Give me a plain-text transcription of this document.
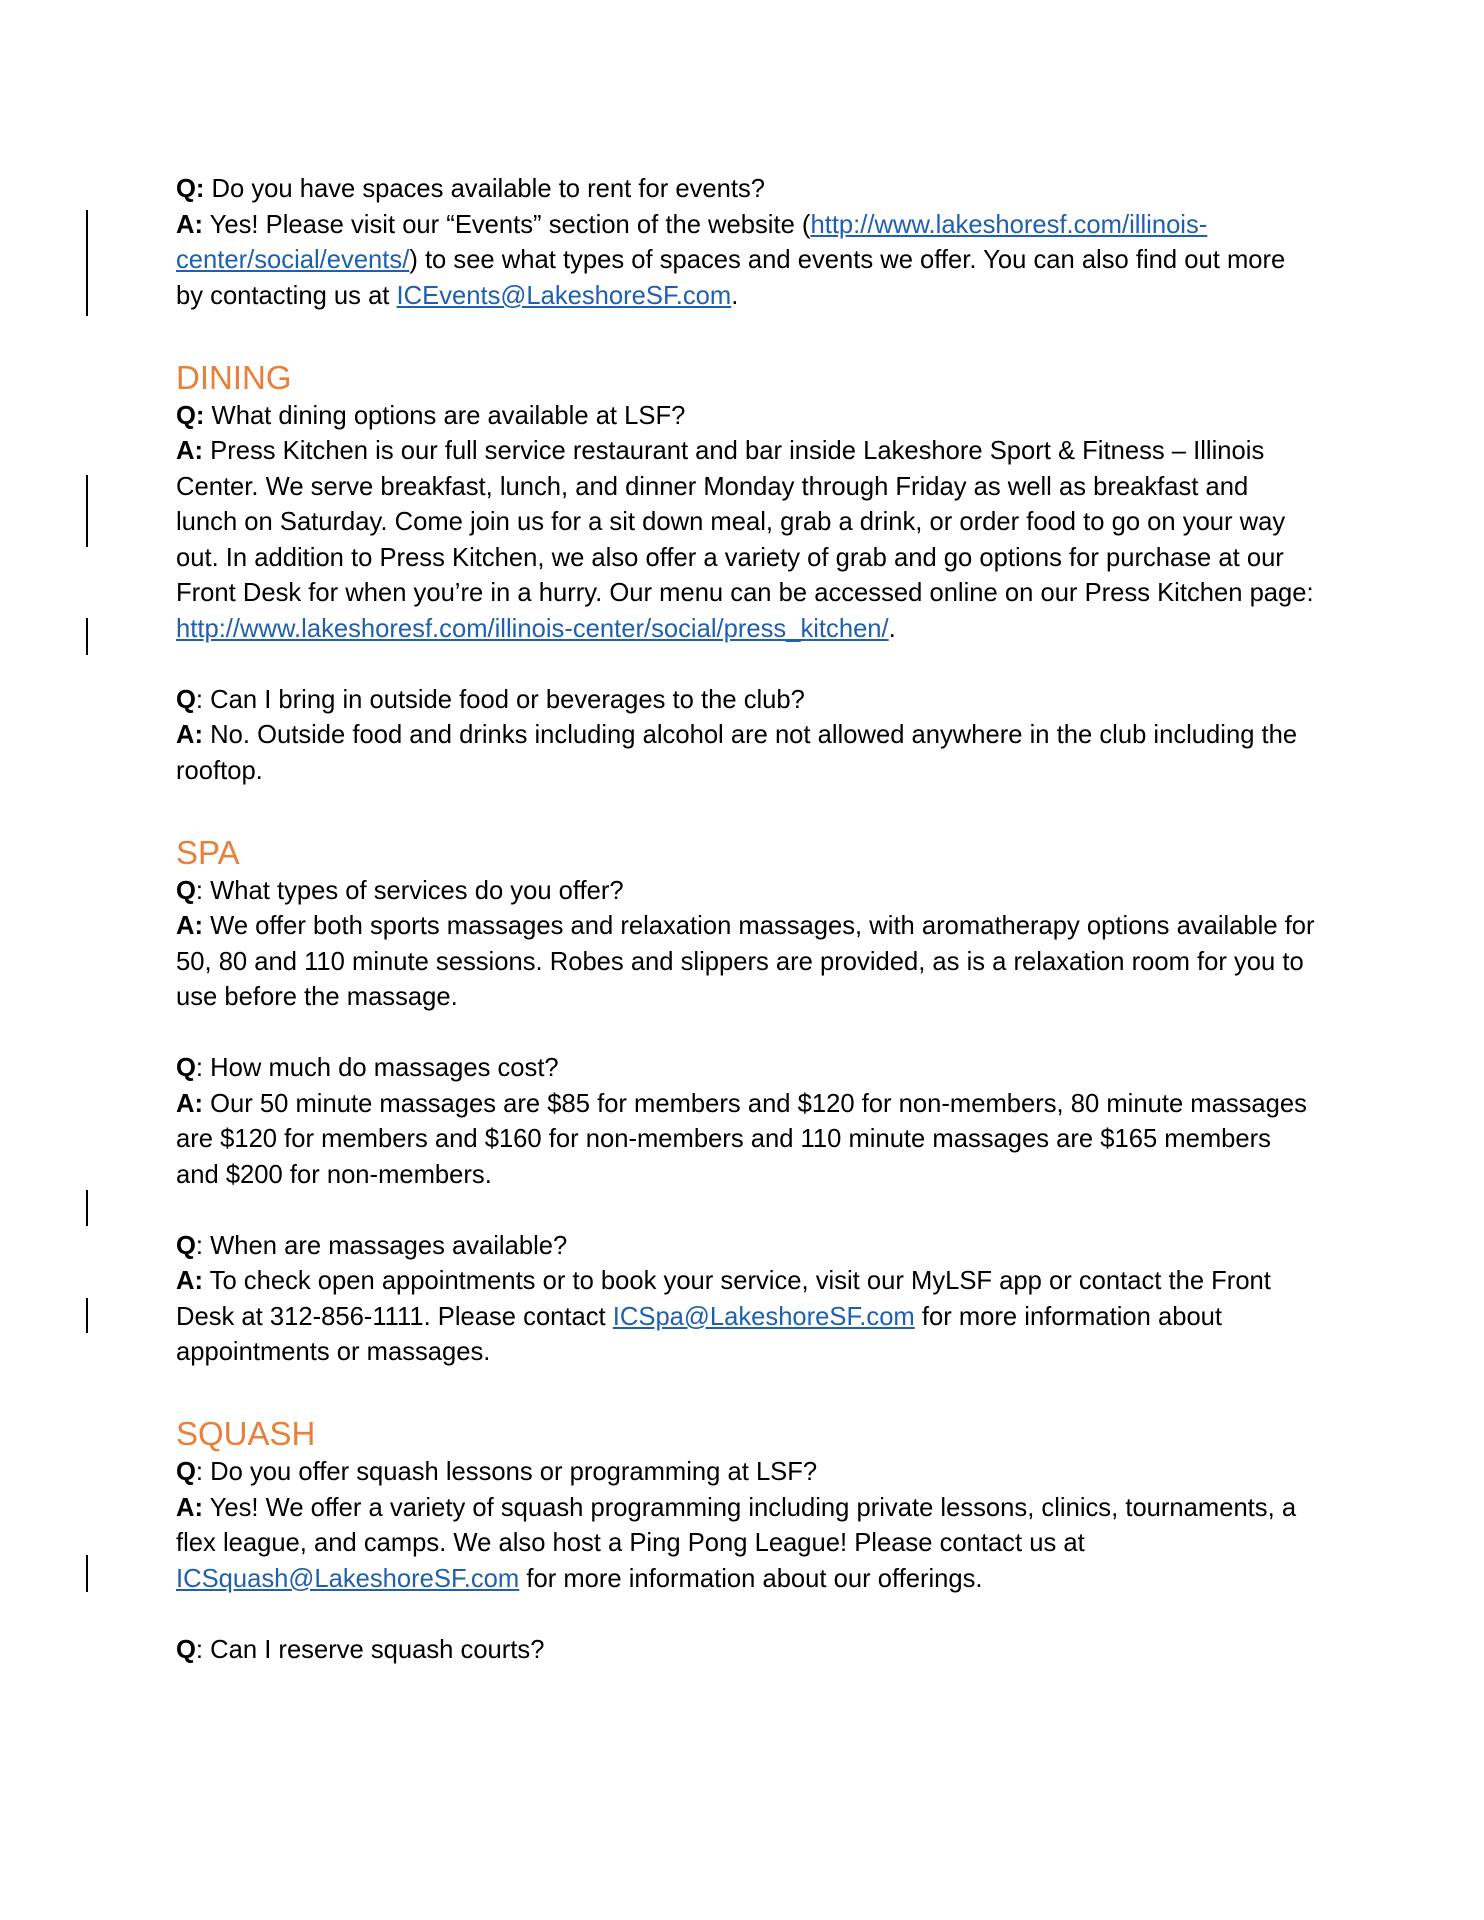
Q: Do you have spaces available to rent for events?

A: Yes! Please visit our “Events” section of the website (http://www.lakeshoresf.com/illinois-center/social/events/) to see what types of spaces and events we offer. You can also find out more by contacting us at ICEvents@LakeshoreSF.com.

DINING

Q: What dining options are available at LSF?

A: Press Kitchen is our full service restaurant and bar inside Lakeshore Sport & Fitness – Illinois Center. We serve breakfast, lunch, and dinner Monday through Friday as well as breakfast and lunch on Saturday. Come join us for a sit down meal, grab a drink, or order food to go on your way out. In addition to Press Kitchen, we also offer a variety of grab and go options for purchase at our Front Desk for when you’re in a hurry. Our menu can be accessed online on our Press Kitchen page: http://www.lakeshoresf.com/illinois-center/social/press_kitchen/.

Q: Can I bring in outside food or beverages to the club?

A: No. Outside food and drinks including alcohol are not allowed anywhere in the club including the rooftop.

SPA

Q: What types of services do you offer?

A: We offer both sports massages and relaxation massages, with aromatherapy options available for 50, 80 and 110 minute sessions. Robes and slippers are provided, as is a relaxation room for you to use before the massage.

Q: How much do massages cost?

A: Our 50 minute massages are $85 for members and $120 for non-members, 80 minute massages are $120 for members and $160 for non-members and 110 minute massages are $165 members and $200 for non-members.

Q: When are massages available?

A: To check open appointments or to book your service, visit our MyLSF app or contact the Front Desk at 312-856-1111. Please contact ICSpa@LakeshoreSF.com for more information about appointments or massages.

SQUASH

Q: Do you offer squash lessons or programming at LSF?

A: Yes! We offer a variety of squash programming including private lessons, clinics, tournaments, a flex league, and camps. We also host a Ping Pong League! Please contact us at ICSquash@LakeshoreSF.com for more information about our offerings.

Q: Can I reserve squash courts?
